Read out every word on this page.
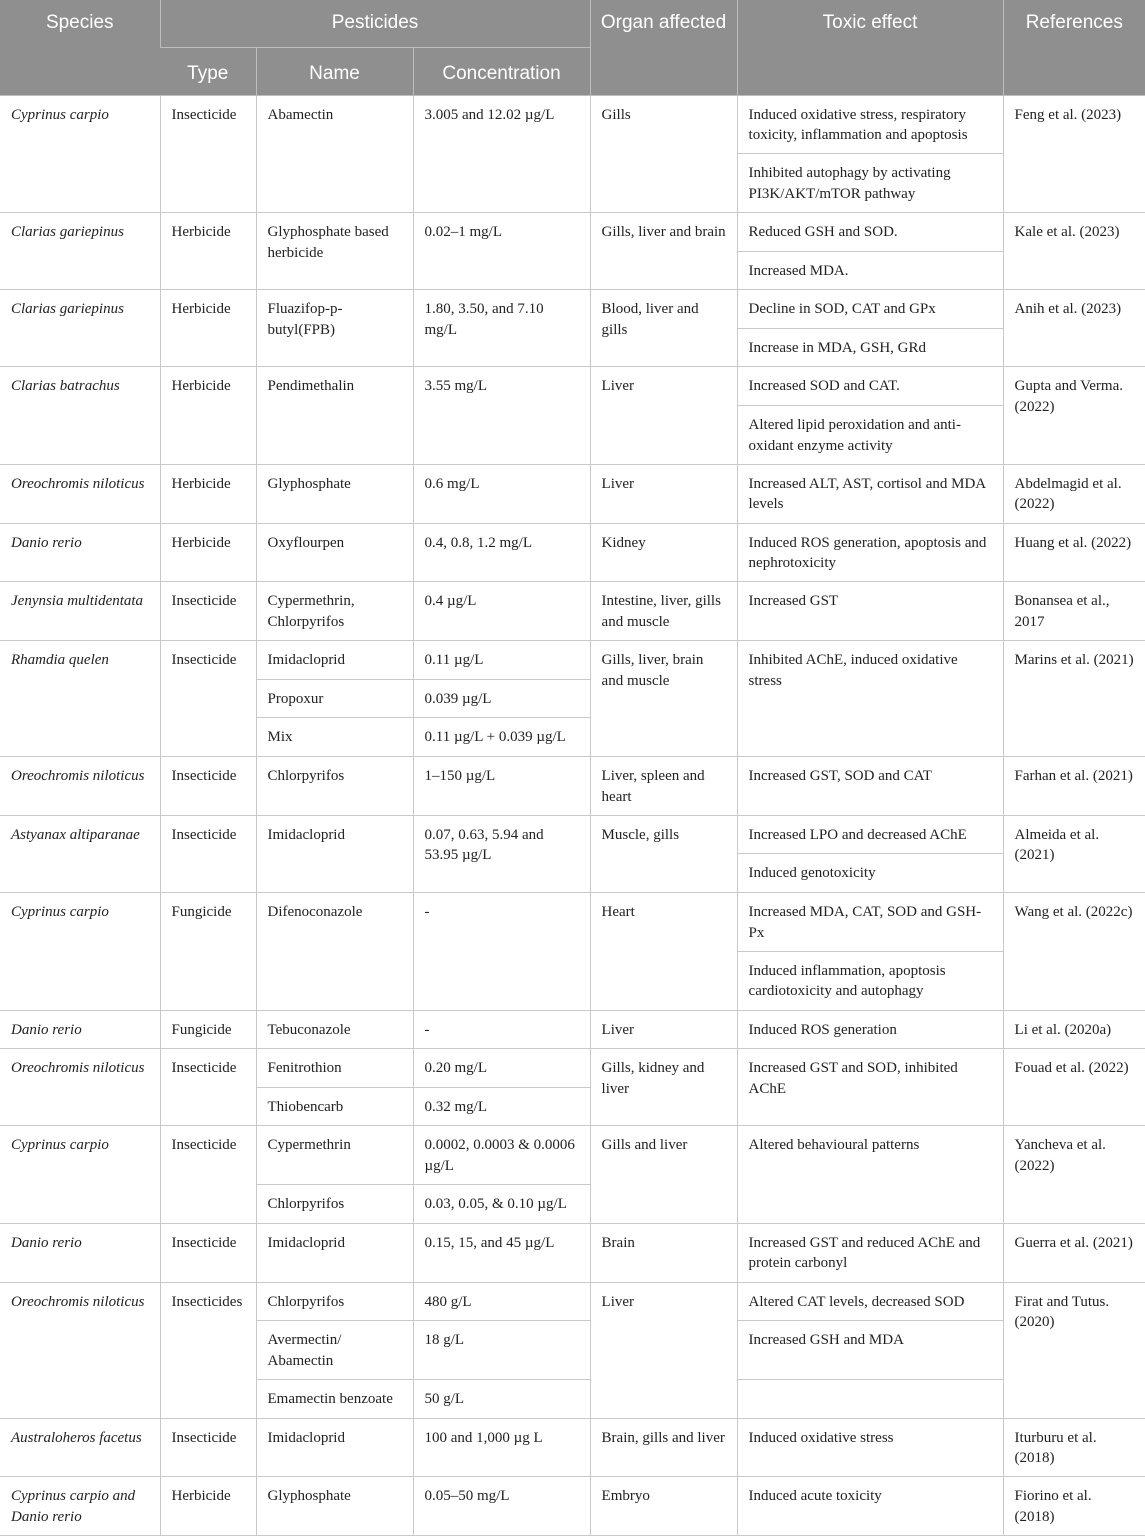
Species	Pesticides			Organ affected	Toxic effect	References
	Type	Name	Concentration			
Cyprinus carpio	Insecticide	Abamectin	3.005 and 12.02 µg/L	Gills	Induced oxidative stress, respiratory toxicity, inflammation and apoptosis	Feng et al. (2023)
					Inhibited autophagy by activating PI3K/AKT/mTOR pathway	
Clarias gariepinus	Herbicide	Glyphosphate based herbicide	0.02–1 mg/L	Gills, liver and brain	Reduced GSH and SOD.	Kale et al. (2023)
					Increased MDA.	
Clarias gariepinus	Herbicide	Fluazifop-p-butyl(FPB)	1.80, 3.50, and 7.10 mg/L	Blood, liver and gills	Decline in SOD, CAT and GPx	Anih et al. (2023)
					Increase in MDA, GSH, GRd	
Clarias batrachus	Herbicide	Pendimethalin	3.55 mg/L	Liver	Increased SOD and CAT.	Gupta and Verma. (2022)
					Altered lipid peroxidation and anti-oxidant enzyme activity	
Oreochromis niloticus	Herbicide	Glyphosphate	0.6 mg/L	Liver	Increased ALT, AST, cortisol and MDA levels	Abdelmagid et al. (2022)
Danio rerio	Herbicide	Oxyflourpen	0.4, 0.8, 1.2 mg/L	Kidney	Induced ROS generation, apoptosis and nephrotoxicity	Huang et al. (2022)
Jenynsia multidentata	Insecticide	Cypermethrin, Chlorpyrifos	0.4 µg/L	Intestine, liver, gills and muscle	Increased GST	Bonansea et al., 2017
Rhamdia quelen	Insecticide	Imidacloprid	0.11 µg/L	Gills, liver, brain and muscle	Inhibited AChE, induced oxidative stress	Marins et al. (2021)
		Propoxur	0.039 µg/L			
		Mix	0.11 µg/L + 0.039 µg/L			
Oreochromis niloticus	Insecticide	Chlorpyrifos	1–150 µg/L	Liver, spleen and heart	Increased GST, SOD and CAT	Farhan et al. (2021)
Astyanax altiparanae	Insecticide	Imidacloprid	0.07, 0.63, 5.94 and 53.95 µg/L	Muscle, gills	Increased LPO and decreased AChE	Almeida et al. (2021)
					Induced genotoxicity	
Cyprinus carpio	Fungicide	Difenoconazole	-	Heart	Increased MDA, CAT, SOD and GSH-Px	Wang et al. (2022c)
					Induced inflammation, apoptosis cardiotoxicity and autophagy	
Danio rerio	Fungicide	Tebuconazole	-	Liver	Induced ROS generation	Li et al. (2020a)
Oreochromis niloticus	Insecticide	Fenitrothion	0.20 mg/L	Gills, kidney and liver	Increased GST and SOD, inhibited AChE	Fouad et al. (2022)
		Thiobencarb	0.32 mg/L			
Cyprinus carpio	Insecticide	Cypermethrin	0.0002, 0.0003 & 0.0006 µg/L	Gills and liver	Altered behavioural patterns	Yancheva et al. (2022)
		Chlorpyrifos	0.03, 0.05, & 0.10 µg/L			
Danio rerio	Insecticide	Imidacloprid	0.15, 15, and 45 µg/L	Brain	Increased GST and reduced AChE and protein carbonyl	Guerra et al. (2021)
Oreochromis niloticus	Insecticides	Chlorpyrifos	480 g/L	Liver	Altered CAT levels, decreased SOD	Firat and Tutus. (2020)
		Avermectin/ Abamectin	18 g/L		Increased GSH and MDA	
		Emamectin benzoate	50 g/L			
Australoheros facetus	Insecticide	Imidacloprid	100 and 1,000 µg L	Brain, gills and liver	Induced oxidative stress	Iturburu et al. (2018)
Cyprinus carpio and Danio rerio	Herbicide	Glyphosphate	0.05–50 mg/L	Embryo	Induced acute toxicity	Fiorino et al. (2018)
